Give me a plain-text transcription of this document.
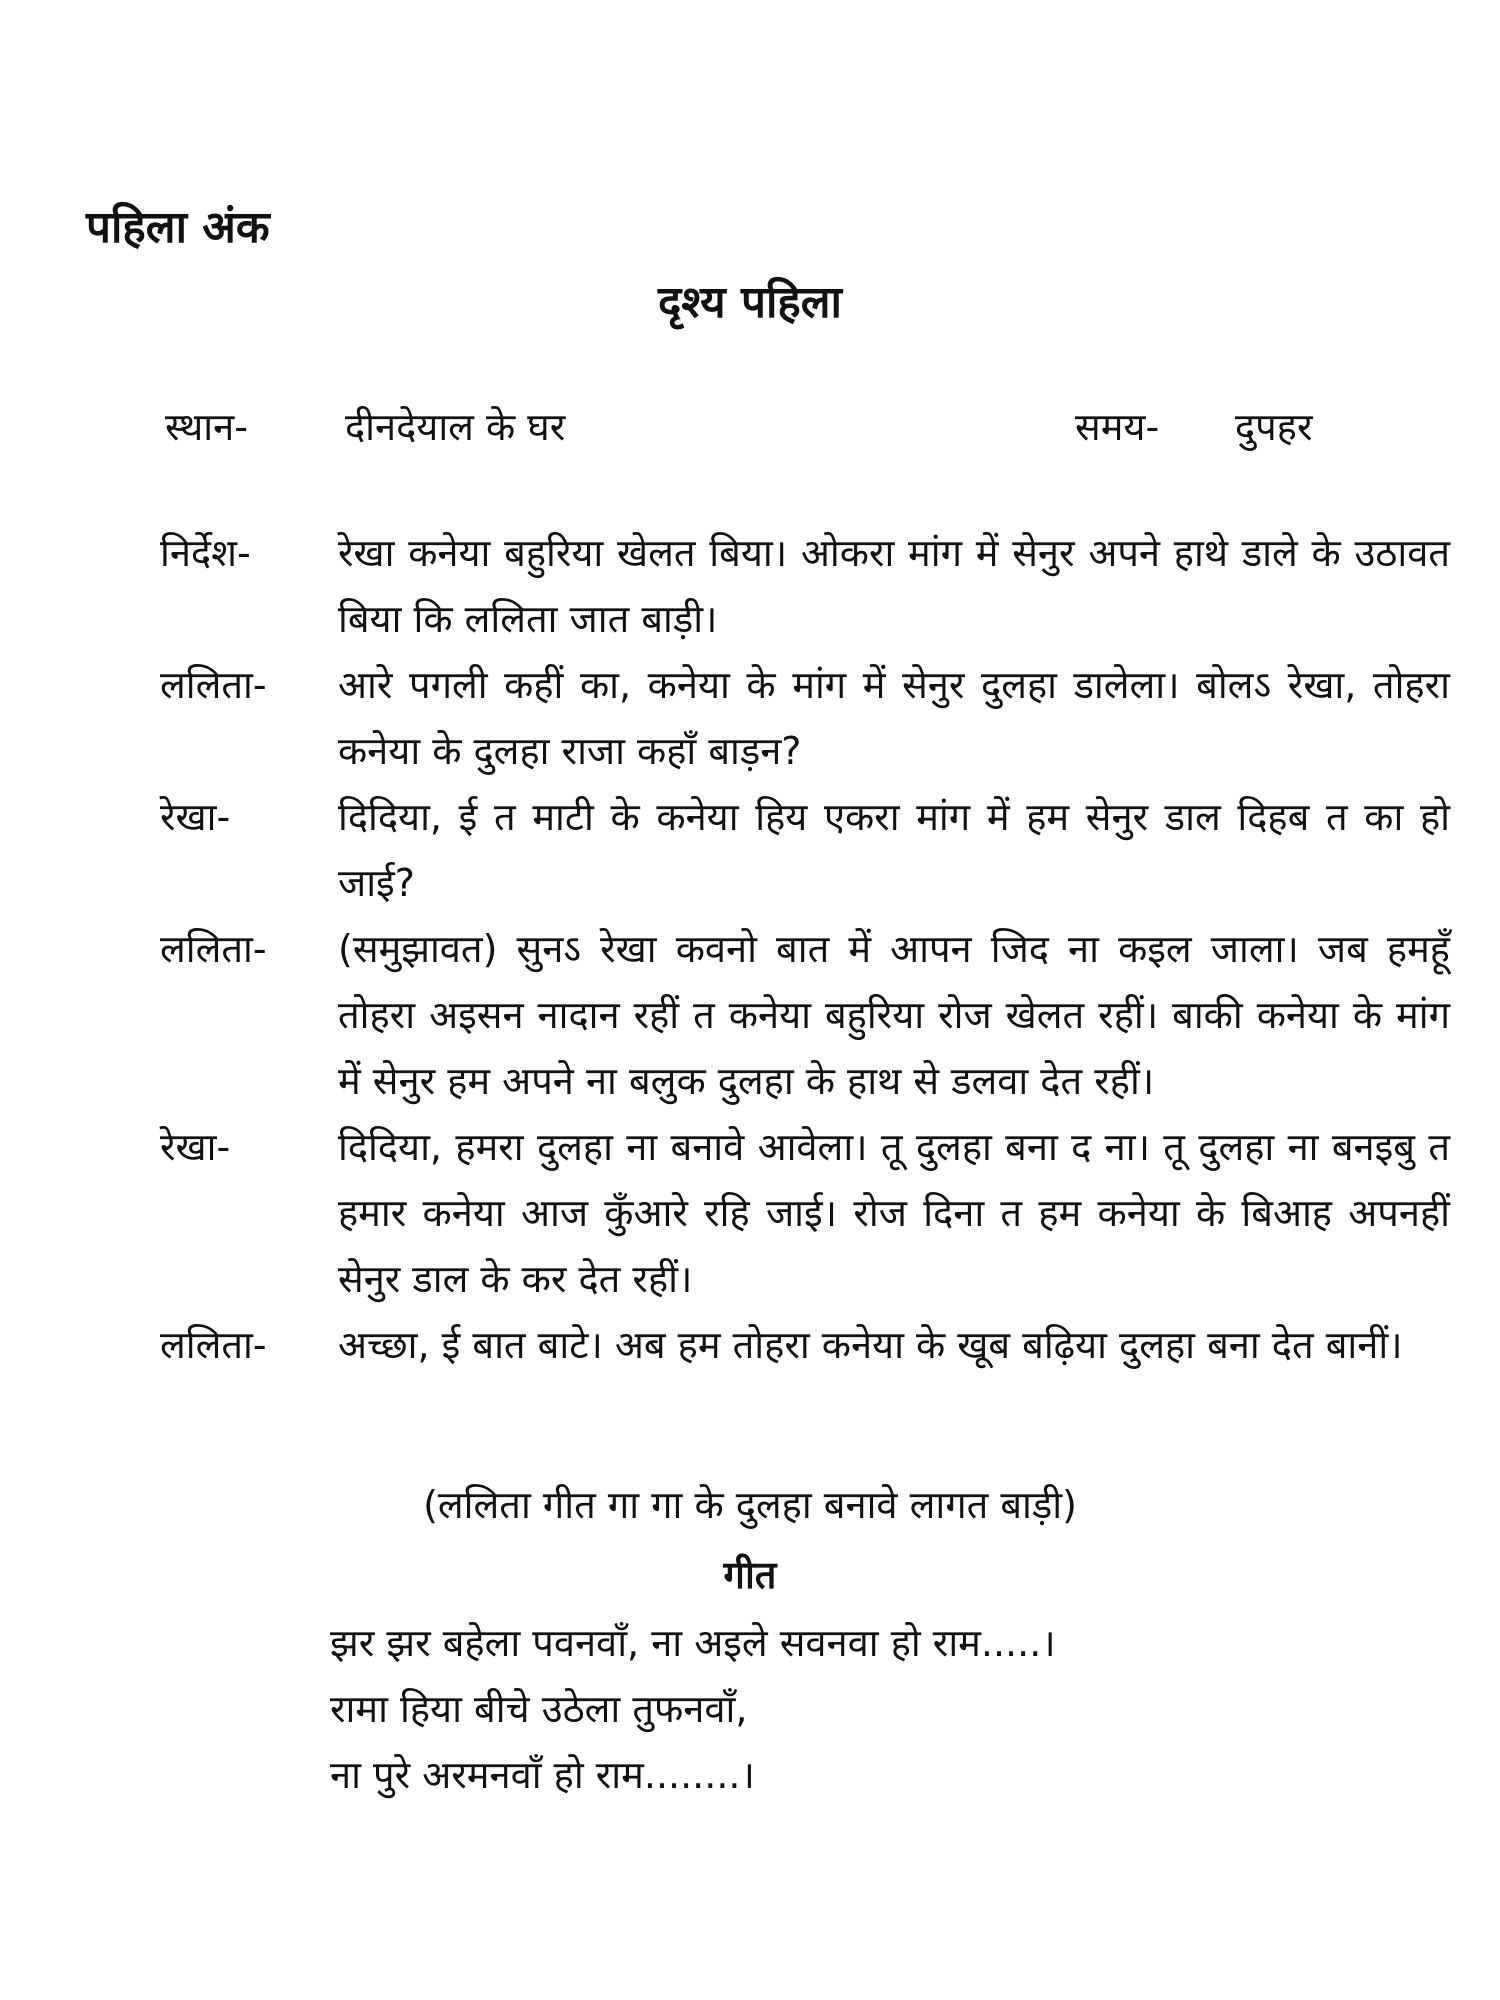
पहिला अंक
दृश्य पहिला
स्थान-	दीनदेयाल के घर	समय- दुपहर
निर्देश-	रेखा कनेया बहुरिया खेलत बिया। ओकरा मांग में सेनुर अपने हाथे डाले के उठावत बिया कि ललिता जात बाड़ी।
ललिता-	आरे पगली कहीं का, कनेया के मांग में सेनुर दुलहा डालेला। बोलऽ रेखा, तोहरा कनेया के दुलहा राजा कहाँ बाड़न?
रेखा-	दिदिया, ई त माटी के कनेया हिय एकरा मांग में हम सेनुर डाल दिहब त का हो जाई?
ललिता-	(समुझावत) सुनऽ रेखा कवनो बात में आपन जिद ना कइल जाला। जब हमहूँ तोहरा अइसन नादान रहीं त कनेया बहुरिया रोज खेलत रहीं। बाकी कनेया के मांग में सेनुर हम अपने ना बलुक दुलहा के हाथ से डलवा देत रहीं।
रेखा-	दिदिया, हमरा दुलहा ना बनावे आवेला। तू दुलहा बना द ना। तू दुलहा ना बनइबु त हमार कनेया आज कुँआरे रहि जाई। रोज दिना त हम कनेया के बिआह अपनहीं सेनुर डाल के कर देत रहीं।
ललिता-	अच्छा, ई बात बाटे। अब हम तोहरा कनेया के खूब बढ़िया दुलहा बना देत बानीं।

(ललिता गीत गा गा के दुलहा बनावे लागत बाड़ी)

गीत

झर झर बहेला पवनवाँ, ना अइले सवनवा हो राम.....।

रामा हिया बीचे उठेला तुफनवाँ,

ना पुरे अरमनवाँ हो राम........।
